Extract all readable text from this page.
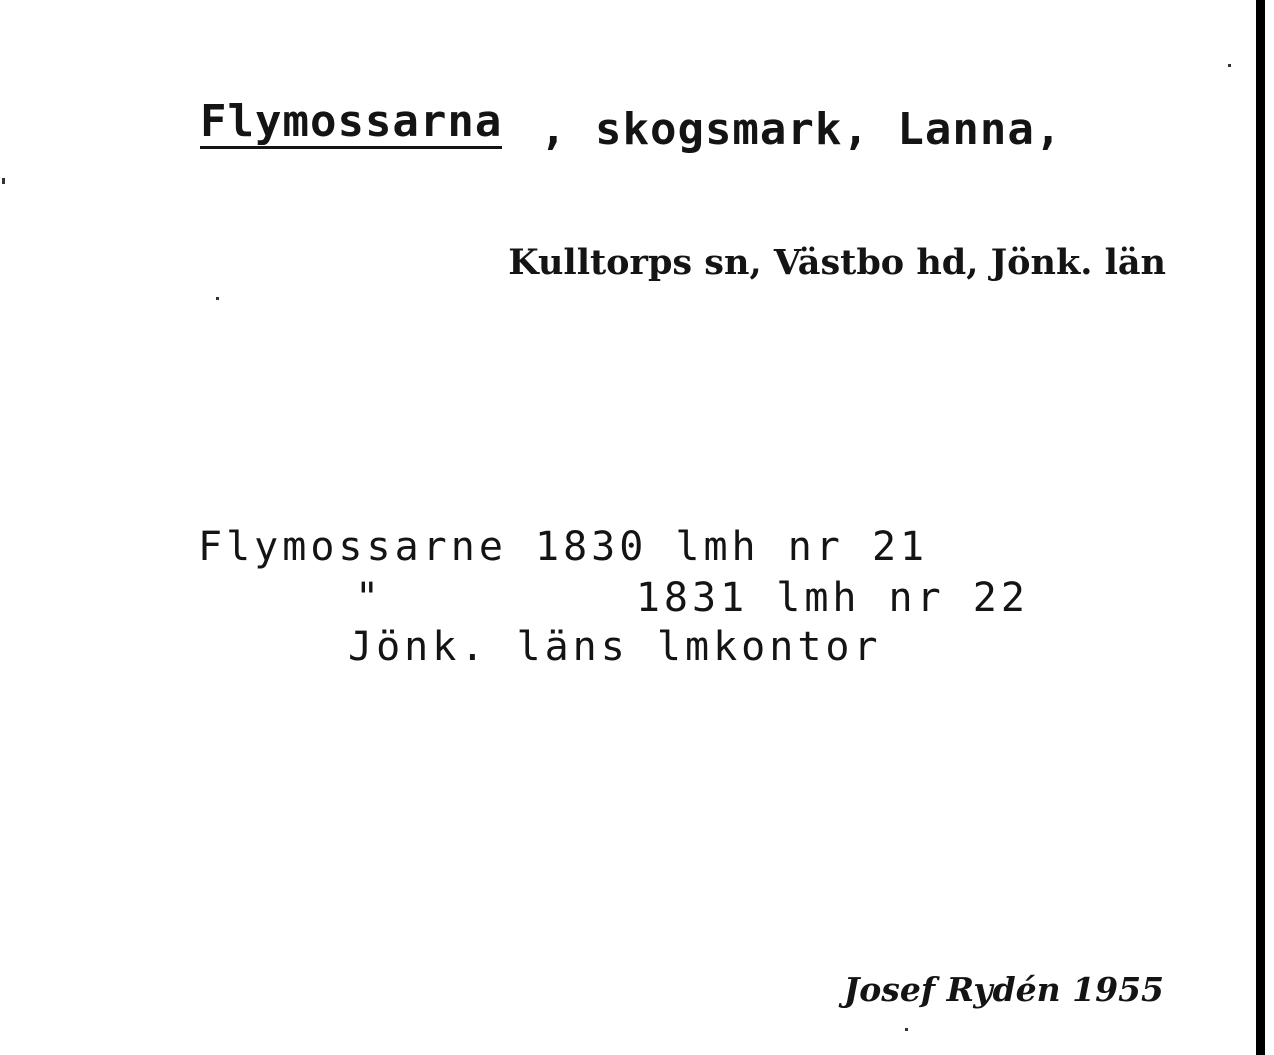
Flymossarna , skogsmark, Lanna,
Kulltorps sn, Västbo hd, Jönk. län
Flymossarne 1830 lmh nr 21
"         1831 lmh nr 22
Jönk. läns lmkontor
Josef Rydén 1955
